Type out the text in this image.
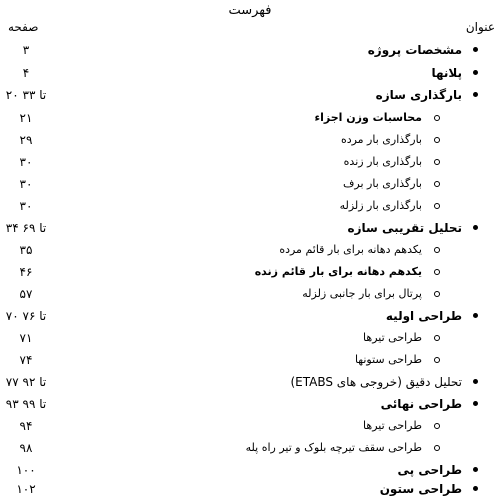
فهرست
عنوان
صفحه
مشخصات پروژه
۳
پلانها
۴
بارگذاری سازه
۲۰ تا ۳۳
محاسبات وزن اجزاء
۲۱
بارگذاری بار مرده
۲۹
بارگذاری بار زنده
۳۰
بارگذاری بار برف
۳۰
بارگذاری بار زلزله
۳۰
تحلیل تقریبی سازه
۳۴ تا ۶۹
یکدهم دهانه برای بار قائم مرده
۳۵
یکدهم دهانه برای بار قائم زنده
۴۶
پرتال برای بار جانبی زلزله
۵۷
طراحی اولیه
۷۰ تا ۷۶
طراحی تیرها
۷۱
طراحی ستونها
۷۴
تحلیل دقیق (خروجی های ETABS)
۷۷ تا ۹۲
طراحی نهائی
۹۳ تا ۹۹
طراحی تیرها
۹۴
طراحی سقف تیرچه بلوک و تیر راه پله
۹۸
طراحی پی
۱۰۰
طراحی ستون
۱۰۲
